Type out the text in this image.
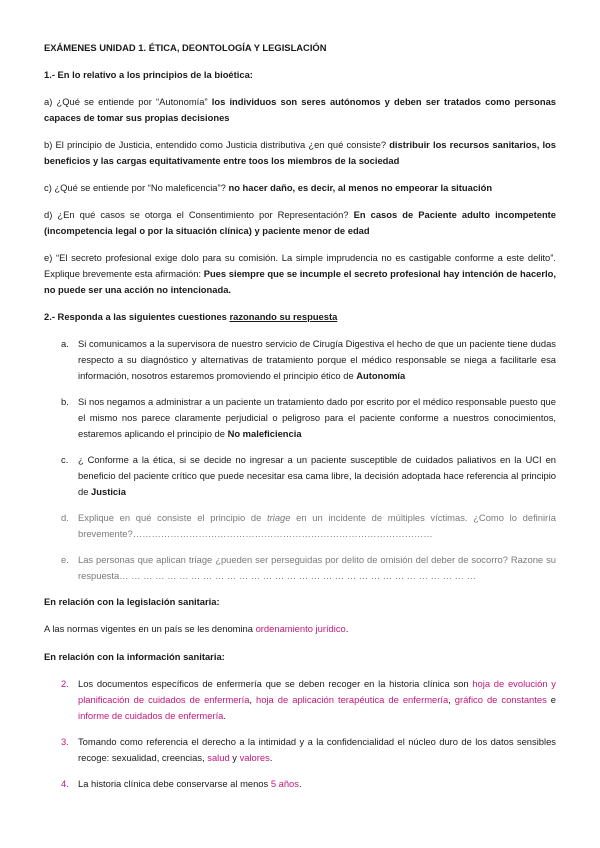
EXÁMENES UNIDAD 1. ÉTICA, DEONTOLOGÍA Y LEGISLACIÓN
1.- En lo relativo a los principios de la bioética:

a) ¿Qué se entiende por “Autonomía” los individuos son seres autónomos y deben ser tratados como personas capaces de tomar sus propias decisiones

b) El principio de Justicia, entendido como Justicia distributiva ¿en qué consiste? distribuir los recursos sanitarios, los beneficios y las cargas equitativamente entre toos los miembros de la sociedad

c) ¿Qué se entiende por “No maleficencia”? no hacer daño, es decir, al menos no empeorar la situación

d) ¿En qué casos se otorga el Consentimiento por Representación? En casos de Paciente adulto incompetente (incompetencia legal o por la situación clínica) y paciente menor de edad

e) “El secreto profesional exige dolo para su comisión. La simple imprudencia no es castigable conforme a este delito”. Explique brevemente esta afirmación: Pues siempre que se incumple el secreto profesional hay intención de hacerlo, no puede ser una acción no intencionada.

2.- Responda a las siguientes cuestiones razonando su respuesta
a. Si comunicamos a la supervisora de nuestro servicio de Cirugía Digestiva el hecho de que un paciente tiene dudas respecto a su diagnóstico y alternativas de tratamiento porque el médico responsable se niega a facilitarle esa información, nosotros estaremos promoviendo el principio ético de Autonomía
b. Si nos negamos a administrar a un paciente un tratamiento dado por escrito por el médico responsable puesto que el mismo nos parece claramente perjudicial o peligroso para el paciente conforme a nuestros conocimientos, estaremos aplicando el principio de No maleficiencia
c. ¿ Conforme a la ética, si se decide no ingresar a un paciente susceptible de cuidados paliativos en la UCI en beneficio del paciente crítico que puede necesitar esa cama libre, la decisión adoptada hace referencia al principio de Justicia
d. Explique en qué consiste el principio de triage en un incidente de múltiples víctimas. ¿Como lo definiría brevemente?……………………………………………………………………………………
e. Las personas que aplican triage ¿pueden ser perseguidas por delito de omisión del deber de socorro? Razone su respuesta… … … … … … … … … … … … … … … … … … … … … … … … … … … … … …
En relación con la legislación sanitaria:

A las normas vigentes en un país se les denomina ordenamiento jurídico.

En relación con la información sanitaria:
2. Los documentos específicos de enfermería que se deben recoger en la historia clínica son hoja de evolución y planificación de cuidados de enfermería, hoja de aplicación terapéutica de enfermería, gráfico de constantes e informe de cuidados de enfermería.
3. Tomando como referencia el derecho a la intimidad y a la confidencialidad el núcleo duro de los datos sensibles recoge: sexualidad, creencias, salud y valores.
4. La historia clínica debe conservarse al menos 5 años.
